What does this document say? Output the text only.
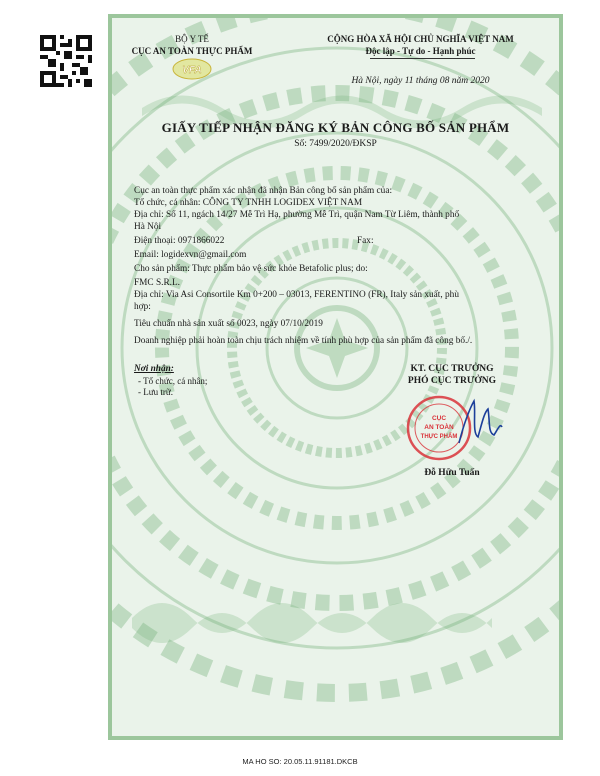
BỘ Y TẾ
CỤC AN TOÀN THỰC PHẨM
VFA
CỘNG HÒA XÃ HỘI CHỦ NGHĨA VIỆT NAM
Độc lập - Tự do - Hạnh phúc
Hà Nội, ngày 11 tháng 08 năm 2020
GIẤY TIẾP NHẬN ĐĂNG KÝ BẢN CÔNG BỐ SẢN PHẨM
Số: 7499/2020/ĐKSP
Cục an toàn thực phẩm xác nhận đã nhận Bản công bố sản phẩm của:
Tổ chức, cá nhân: CÔNG TY TNHH LOGIDEX VIỆT NAM
Địa chỉ: Số 11, ngách 14/27 Mễ Trì Hạ, phường Mễ Trì, quận Nam Từ Liêm, thành phố
Hà Nội
Điện thoại: 0971866022	Fax:
Email: logidexvn@gmail.com
Cho sản phẩm: Thực phẩm bảo vệ sức khỏe Betafolic plus; do:
FMC S.R.L.
Địa chỉ: Via Asi Consortile Km 0+200 – 03013, FERENTINO (FR), Italy sản xuất, phù
hợp:
Tiêu chuẩn nhà sản xuất số 0023, ngày 07/10/2019
Doanh nghiệp phải hoàn toàn chịu trách nhiệm về tính phù hợp của sản phẩm đã công bố./.
Nơi nhận:
- Tổ chức, cá nhân;
- Lưu trữ.
KT. CỤC TRƯỞNG
PHÓ CỤC TRƯỞNG
CỤC
AN TOÀN
THỰC PHẨM
Đỗ Hữu Tuấn
MA HO SO: 20.05.11.91181.DKCB
